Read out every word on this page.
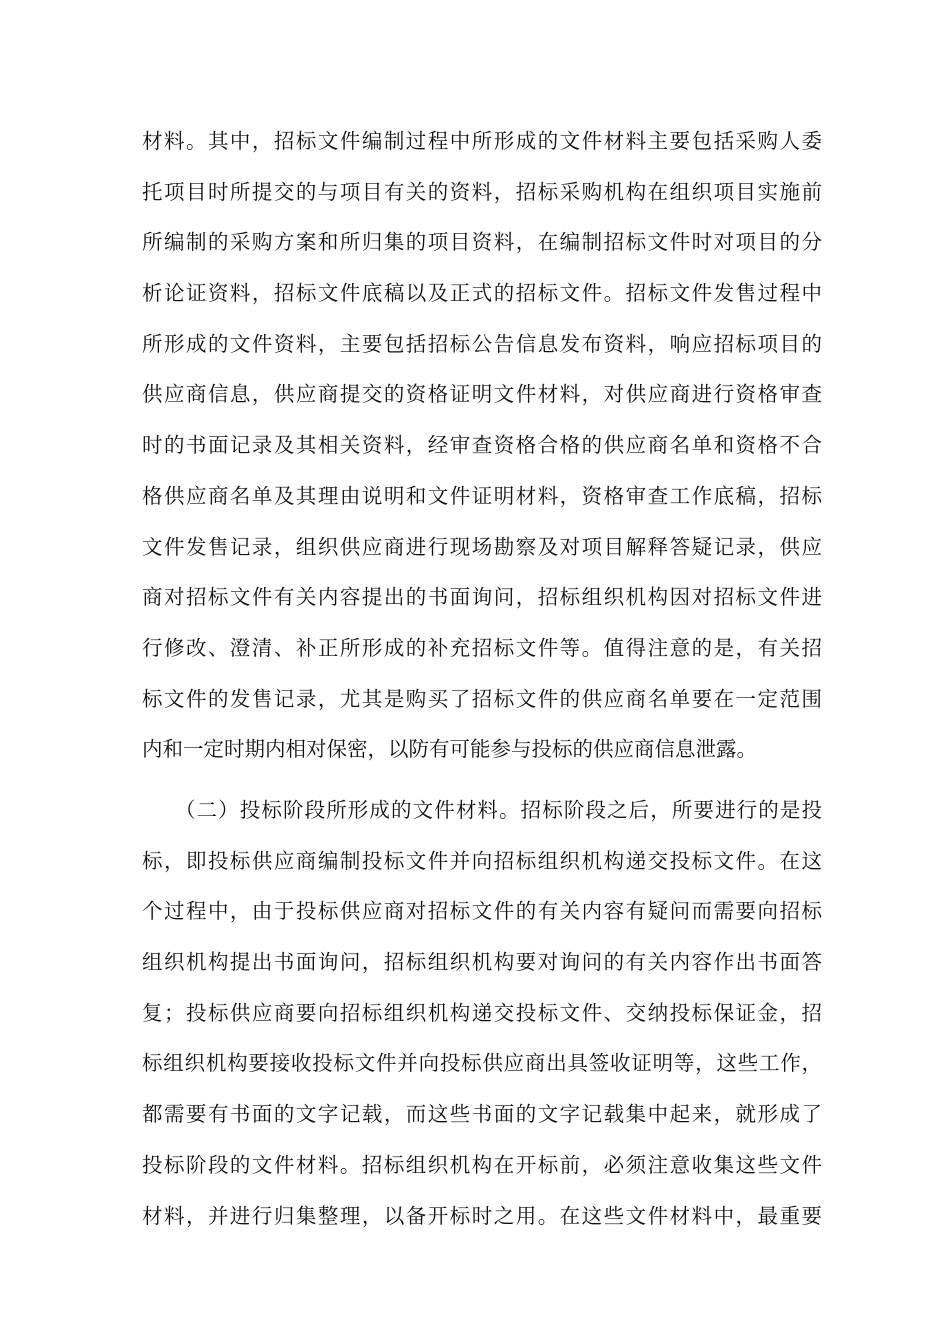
材料。其中，招标文件编制过程中所形成的文件材料主要包括采购人委
托项目时所提交的与项目有关的资料，招标采购机构在组织项目实施前
所编制的采购方案和所归集的项目资料，在编制招标文件时对项目的分
析论证资料，招标文件底稿以及正式的招标文件。招标文件发售过程中
所形成的文件资料，主要包括招标公告信息发布资料，响应招标项目的
供应商信息，供应商提交的资格证明文件材料，对供应商进行资格审查
时的书面记录及其相关资料，经审查资格合格的供应商名单和资格不合
格供应商名单及其理由说明和文件证明材料，资格审查工作底稿，招标
文件发售记录，组织供应商进行现场勘察及对项目解释答疑记录，供应
商对招标文件有关内容提出的书面询问，招标组织机构因对招标文件进
行修改、澄清、补正所形成的补充招标文件等。值得注意的是，有关招
标文件的发售记录，尤其是购买了招标文件的供应商名单要在一定范围
内和一定时期内相对保密，以防有可能参与投标的供应商信息泄露。
　　（二）投标阶段所形成的文件材料。招标阶段之后，所要进行的是投
标，即投标供应商编制投标文件并向招标组织机构递交投标文件。在这
个过程中，由于投标供应商对招标文件的有关内容有疑问而需要向招标
组织机构提出书面询问，招标组织机构要对询问的有关内容作出书面答
复；投标供应商要向招标组织机构递交投标文件、交纳投标保证金，招
标组织机构要接收投标文件并向投标供应商出具签收证明等，这些工作，
都需要有书面的文字记载，而这些书面的文字记载集中起来，就形成了
投标阶段的文件材料。招标组织机构在开标前，必须注意收集这些文件
材料，并进行归集整理，以备开标时之用。在这些文件材料中，最重要
